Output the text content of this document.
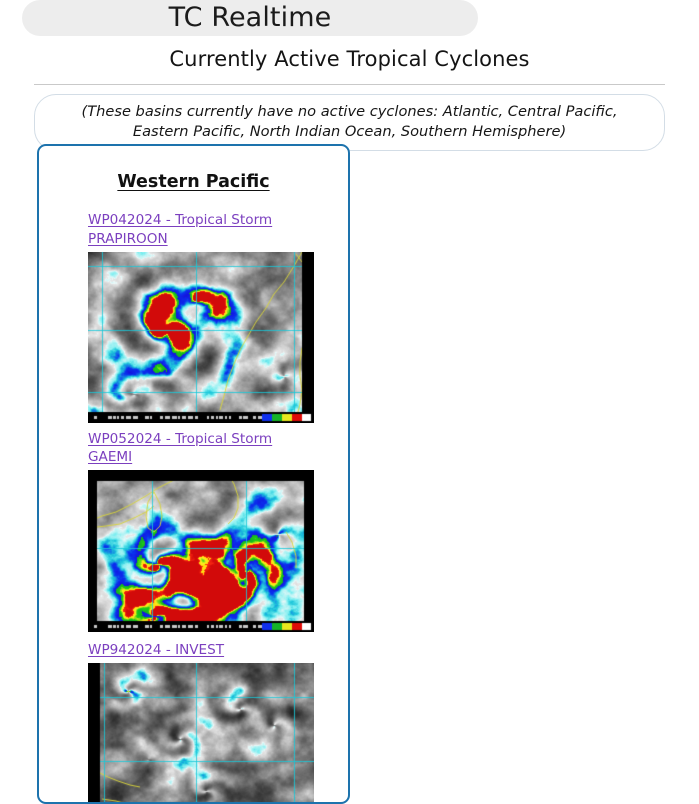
TC Realtime
Currently Active Tropical Cyclones
(These basins currently have no active cyclones: Atlantic, Central Pacific, Eastern Pacific, North Indian Ocean, Southern Hemisphere)
Western Pacific
WP042024 - Tropical Storm PRAPIROON
WP052024 - Tropical Storm GAEMI
WP942024 - INVEST
